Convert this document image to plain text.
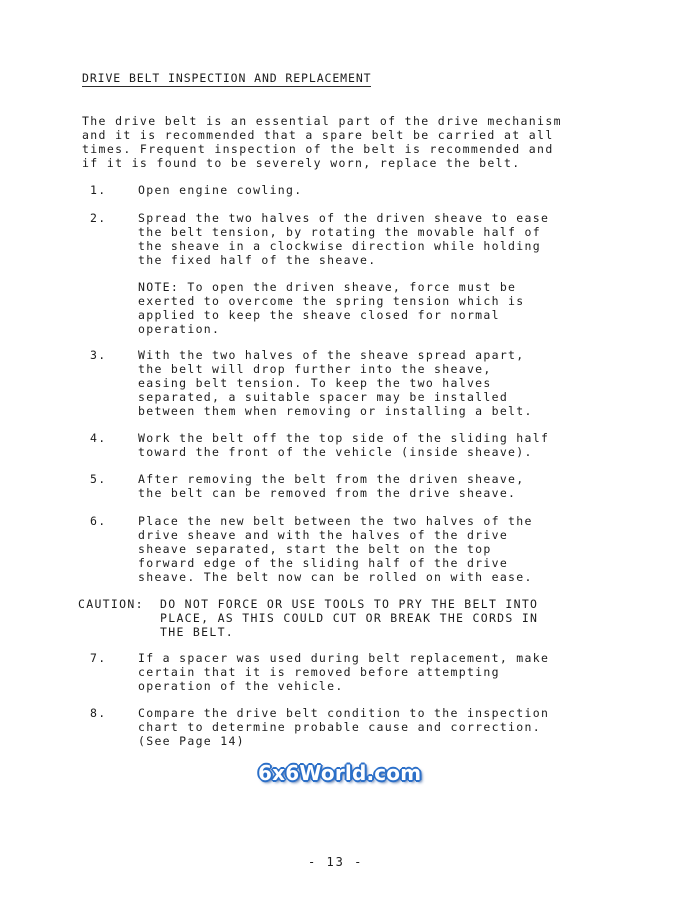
DRIVE BELT INSPECTION AND REPLACEMENT
The drive belt is an essential part of the drive mechanism
and it is recommended that a spare belt be carried at all
times. Frequent inspection of the belt is recommended and
if it is found to be severely worn, replace the belt.
1.	Open engine cowling.
2.	Spread the two halves of the driven sheave to ease
the belt tension, by rotating the movable half of
the sheave in a clockwise direction while holding
the fixed half of the sheave.
NOTE: To open the driven sheave, force must be
exerted to overcome the spring tension which is
applied to keep the sheave closed for normal
operation.
3.	With the two halves of the sheave spread apart,
the belt will drop further into the sheave,
easing belt tension. To keep the two halves
separated, a suitable spacer may be installed
between them when removing or installing a belt.
4.	Work the belt off the top side of the sliding half
toward the front of the vehicle (inside sheave).
5.	After removing the belt from the driven sheave,
the belt can be removed from the drive sheave.
6.	Place the new belt between the two halves of the
drive sheave and with the halves of the drive
sheave separated, start the belt on the top
forward edge of the sliding half of the drive
sheave. The belt now can be rolled on with ease.
CAUTION: DO NOT FORCE OR USE TOOLS TO PRY THE BELT INTO
PLACE, AS THIS COULD CUT OR BREAK THE CORDS IN
THE BELT.
7.	If a spacer was used during belt replacement, make
certain that it is removed before attempting
operation of the vehicle.
8.	Compare the drive belt condition to the inspection
chart to determine probable cause and correction.
(See Page 14)
6x6World.com
- 13 -
